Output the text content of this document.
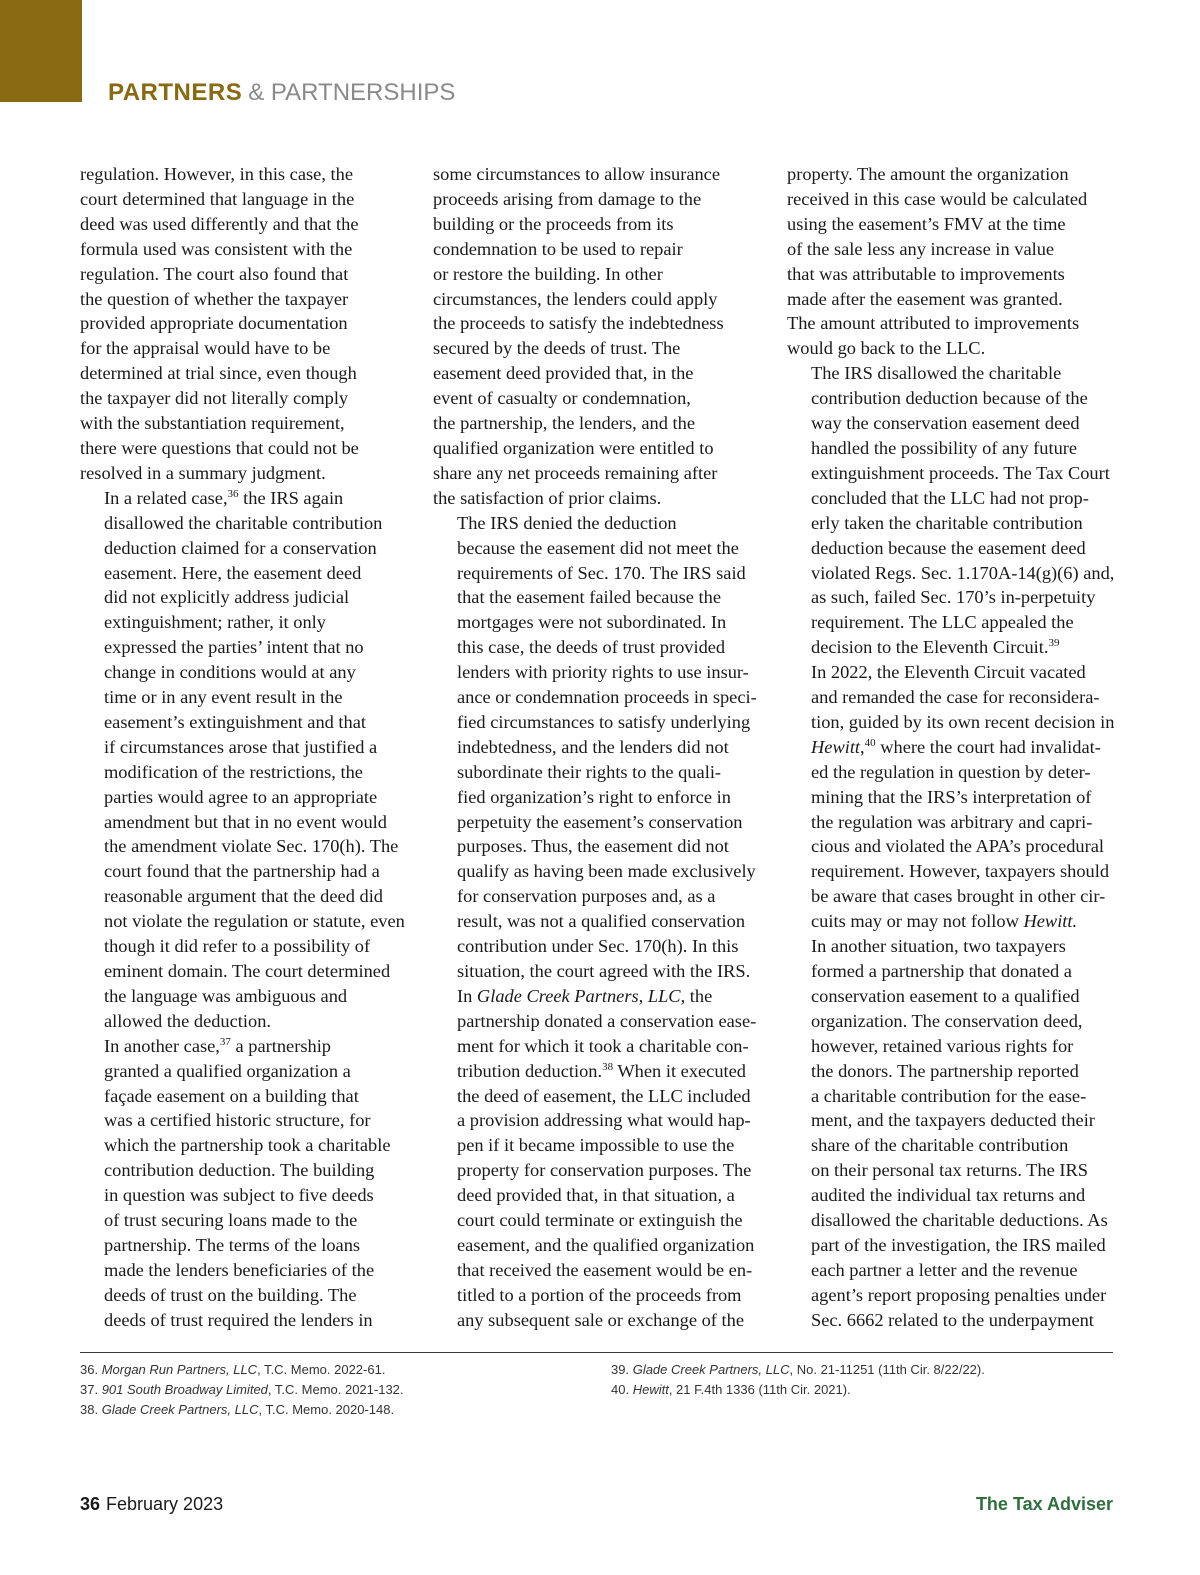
PARTNERS & PARTNERSHIPS

regulation. However, in this case, the
court determined that language in the
deed was used differently and that the
formula used was consistent with the
regulation. The court also found that
the question of whether the taxpayer
provided appropriate documentation
for the appraisal would have to be
determined at trial since, even though
the taxpayer did not literally comply
with the substantiation requirement,
there were questions that could not be
resolved in a summary judgment.

In a related case,$^{36}$ the IRS again
disallowed the charitable contribution
deduction claimed for a conservation
easement. Here, the easement deed
did not explicitly address judicial
extinguishment; rather, it only
expressed the parties’ intent that no
change in conditions would at any
time or in any event result in the
easement’s extinguishment and that
if circumstances arose that justified a
modification of the restrictions, the
parties would agree to an appropriate
amendment but that in no event would
the amendment violate Sec. 170(h). The
court found that the partnership had a
reasonable argument that the deed did
not violate the regulation or statute, even
though it did refer to a possibility of
eminent domain. The court determined
the language was ambiguous and
allowed the deduction.

In another case,$^{37}$ a partnership
granted a qualified organization a
façade easement on a building that
was a certified historic structure, for
which the partnership took a charitable
contribution deduction. The building
in question was subject to five deeds
of trust securing loans made to the
partnership. The terms of the loans
made the lenders beneficiaries of the
deeds of trust on the building. The
deeds of trust required the lenders in

some circumstances to allow insurance
proceeds arising from damage to the
building or the proceeds from its
condemnation to be used to repair
or restore the building. In other
circumstances, the lenders could apply
the proceeds to satisfy the indebtedness
secured by the deeds of trust. The
easement deed provided that, in the
event of casualty or condemnation,
the partnership, the lenders, and the
qualified organization were entitled to
share any net proceeds remaining after
the satisfaction of prior claims.

The IRS denied the deduction
because the easement did not meet the
requirements of Sec. 170. The IRS said
that the easement failed because the
mortgages were not subordinated. In
this case, the deeds of trust provided
lenders with priority rights to use insur-
ance or condemnation proceeds in speci-
fied circumstances to satisfy underlying
indebtedness, and the lenders did not
subordinate their rights to the quali-
fied organization’s right to enforce in
perpetuity the easement’s conservation
purposes. Thus, the easement did not
qualify as having been made exclusively
for conservation purposes and, as a
result, was not a qualified conservation
contribution under Sec. 170(h). In this
situation, the court agreed with the IRS.

In Glade Creek Partners, LLC, the
partnership donated a conservation ease-
ment for which it took a charitable con-
tribution deduction.$^{38}$ When it executed
the deed of easement, the LLC included
a provision addressing what would hap-
pen if it became impossible to use the
property for conservation purposes. The
deed provided that, in that situation, a
court could terminate or extinguish the
easement, and the qualified organization
that received the easement would be en-
titled to a portion of the proceeds from
any subsequent sale or exchange of the

property. The amount the organization
received in this case would be calculated
using the easement’s FMV at the time
of the sale less any increase in value
that was attributable to improvements
made after the easement was granted.
The amount attributed to improvements
would go back to the LLC.

The IRS disallowed the charitable
contribution deduction because of the
way the conservation easement deed
handled the possibility of any future
extinguishment proceeds. The Tax Court
concluded that the LLC had not prop-
erly taken the charitable contribution
deduction because the easement deed
violated Regs. Sec. 1.170A-14(g)(6) and,
as such, failed Sec. 170’s in-perpetuity
requirement. The LLC appealed the
decision to the Eleventh Circuit.$^{39}$

In 2022, the Eleventh Circuit vacated
and remanded the case for reconsidera-
tion, guided by its own recent decision in
Hewitt,$^{40}$ where the court had invalidat-
ed the regulation in question by deter-
mining that the IRS’s interpretation of
the regulation was arbitrary and capri-
cious and violated the APA’s procedural
requirement. However, taxpayers should
be aware that cases brought in other cir-
cuits may or may not follow Hewitt.

In another situation, two taxpayers
formed a partnership that donated a
conservation easement to a qualified
organization. The conservation deed,
however, retained various rights for
the donors. The partnership reported
a charitable contribution for the ease-
ment, and the taxpayers deducted their
share of the charitable contribution
on their personal tax returns. The IRS
audited the individual tax returns and
disallowed the charitable deductions. As
part of the investigation, the IRS mailed
each partner a letter and the revenue
agent’s report proposing penalties under
Sec. 6662 related to the underpayment

36. Morgan Run Partners, LLC, T.C. Memo. 2022-61.
37. 901 South Broadway Limited, T.C. Memo. 2021-132.
38. Glade Creek Partners, LLC, T.C. Memo. 2020-148.
39. Glade Creek Partners, LLC, No. 21-11251 (11th Cir. 8/22/22).
40. Hewitt, 21 F.4th 1336 (11th Cir. 2021).
36 February 2023	The Tax Adviser
